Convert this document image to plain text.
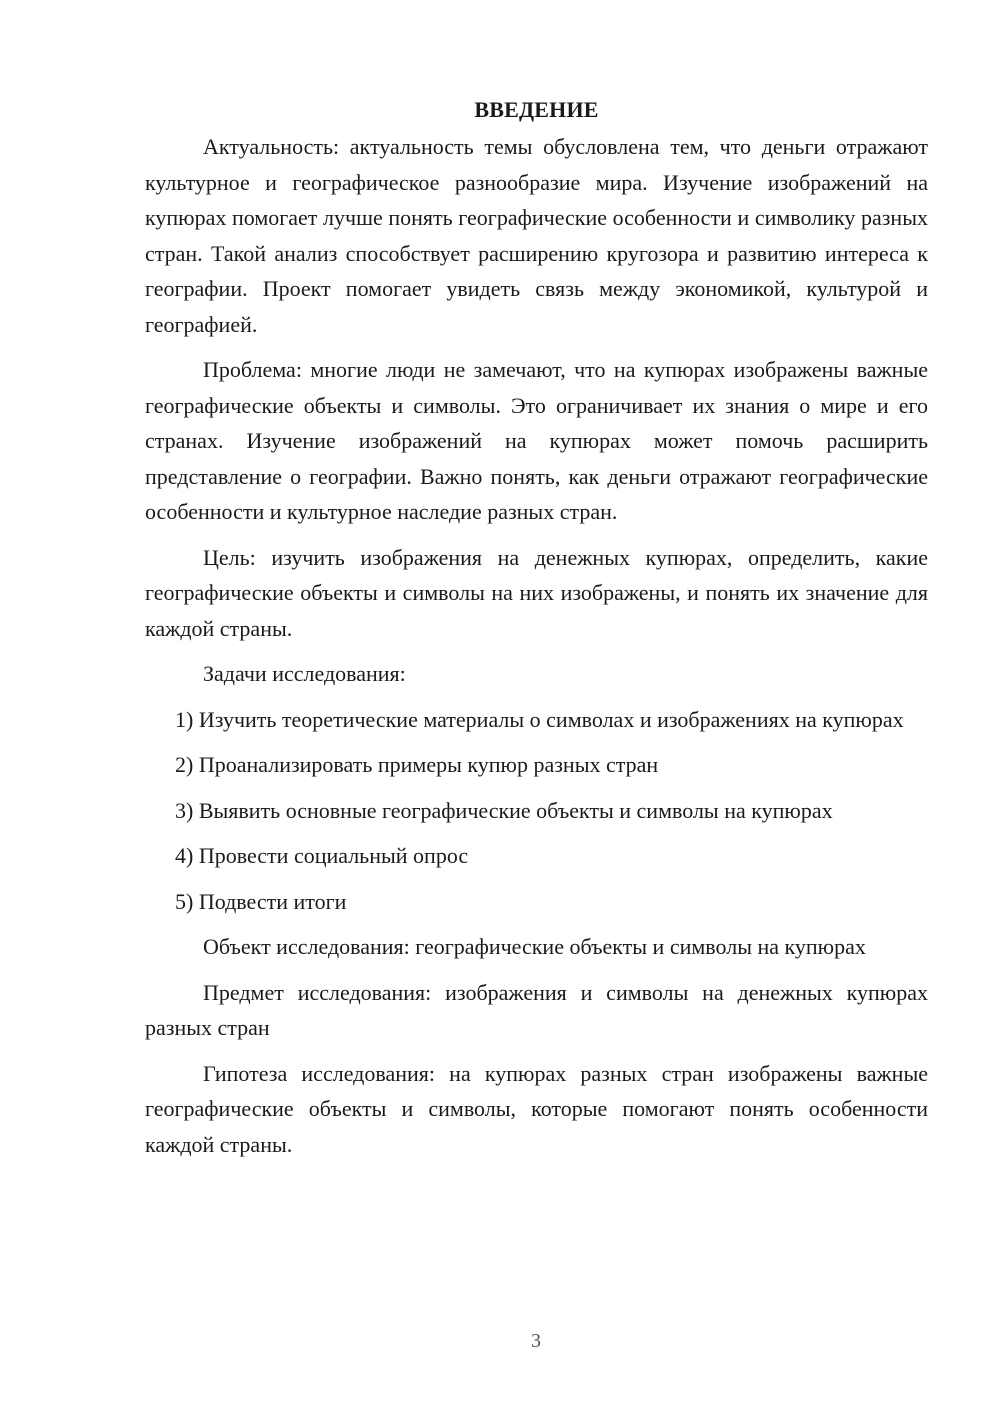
ВВЕДЕНИЕ

Актуальность: актуальность темы обусловлена тем, что деньги отражают культурное и географическое разнообразие мира. Изучение изображений на купюрах помогает лучше понять географические особенности и символику разных стран. Такой анализ способствует расширению кругозора и развитию интереса к географии. Проект помогает увидеть связь между экономикой, культурой и географией.

Проблема: многие люди не замечают, что на купюрах изображены важные географические объекты и символы. Это ограничивает их знания о мире и его странах. Изучение изображений на купюрах может помочь расширить представление о географии. Важно понять, как деньги отражают географические особенности и культурное наследие разных стран.

Цель: изучить изображения на денежных купюрах, определить, какие географические объекты и символы на них изображены, и понять их значение для каждой страны.

Задачи исследования:

1) Изучить теоретические материалы о символах и изображениях на купюрах

2) Проанализировать примеры купюр разных стран

3) Выявить основные географические объекты и символы на купюрах

4) Провести социальный опрос

5) Подвести итоги

Объект исследования: географические объекты и символы на купюрах

Предмет исследования: изображения и символы на денежных купюрах разных стран

Гипотеза исследования: на купюрах разных стран изображены важные географические объекты и символы, которые помогают понять особенности каждой страны.

3
